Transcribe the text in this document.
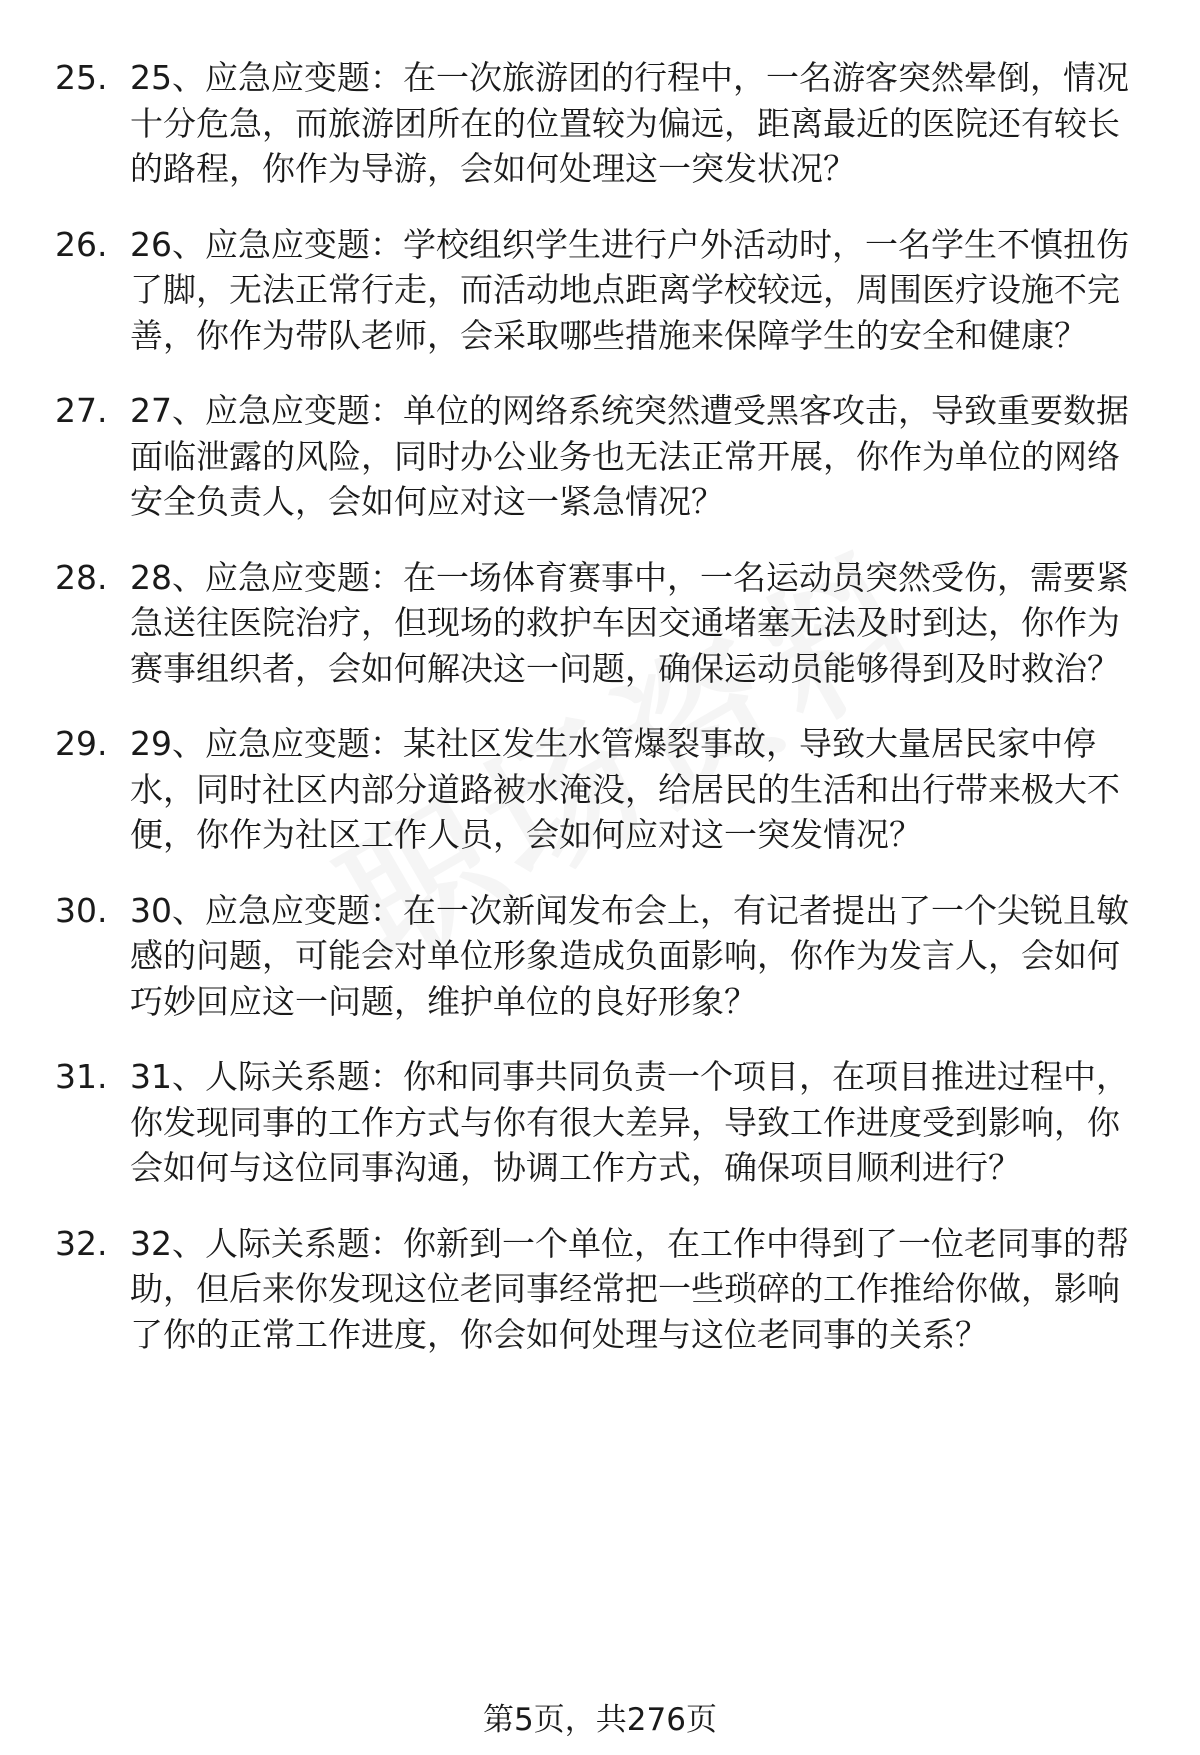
25. 25、应急应变题：在一次旅游团的行程中，一名游客突然晕倒，情况十分危急，而旅游团所在的位置较为偏远，距离最近的医院还有较长的路程，你作为导游，会如何处理这一突发状况？
26. 26、应急应变题：学校组织学生进行户外活动时，一名学生不慎扭伤了脚，无法正常行走，而活动地点距离学校较远，周围医疗设施不完善，你作为带队老师，会采取哪些措施来保障学生的安全和健康？
27. 27、应急应变题：单位的网络系统突然遭受黑客攻击，导致重要数据面临泄露的风险，同时办公业务也无法正常开展，你作为单位的网络安全负责人，会如何应对这一紧急情况？
28. 28、应急应变题：在一场体育赛事中，一名运动员突然受伤，需要紧急送往医院治疗，但现场的救护车因交通堵塞无法及时到达，你作为赛事组织者，会如何解决这一问题，确保运动员能够得到及时救治？
29. 29、应急应变题：某社区发生水管爆裂事故，导致大量居民家中停水，同时社区内部分道路被水淹没，给居民的生活和出行带来极大不便，你作为社区工作人员，会如何应对这一突发情况？
30. 30、应急应变题：在一次新闻发布会上，有记者提出了一个尖锐且敏感的问题，可能会对单位形象造成负面影响，你作为发言人，会如何巧妙回应这一问题，维护单位的良好形象？
31. 31、人际关系题：你和同事共同负责一个项目，在项目推进过程中，你发现同事的工作方式与你有很大差异，导致工作进度受到影响，你会如何与这位同事沟通，协调工作方式，确保项目顺利进行？
32. 32、人际关系题：你新到一个单位，在工作中得到了一位老同事的帮助，但后来你发现这位老同事经常把一些琐碎的工作推给你做，影响了你的正常工作进度，你会如何处理与这位老同事的关系？
第5页，共276页
